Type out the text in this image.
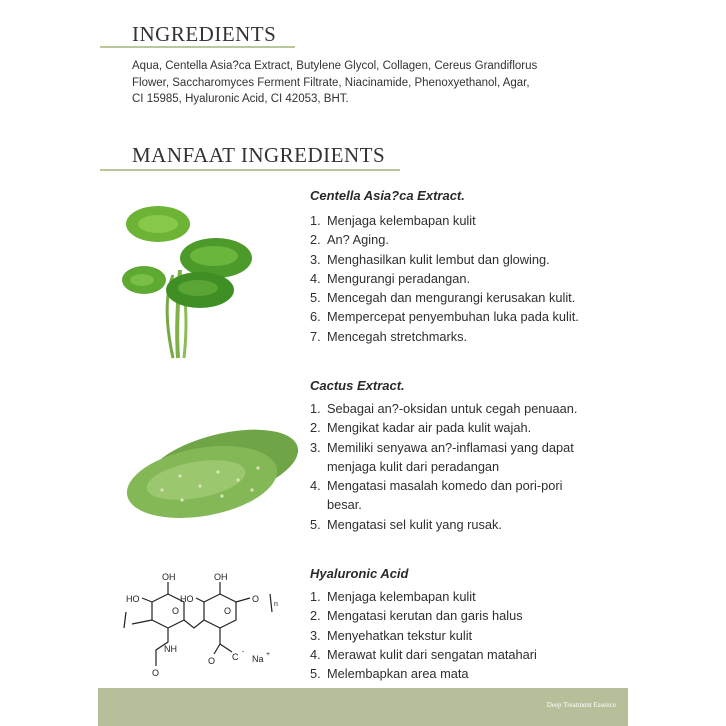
INGREDIENTS
Aqua, Centella Asia?ca Extract, Butylene Glycol, Collagen, Cereus Grandiflorus
Flower, Saccharomyces Ferment Filtrate, Niacinamide, Phenoxyethanol, Agar,
CI 15985, Hyaluronic Acid, CI 42053, BHT.
MANFAAT INGREDIENTS
Centella Asia?ca Extract.
1. Menjaga kelembapan kulit
2. An? Aging.
3. Menghasilkan kulit lembut dan glowing.
4. Mengurangi peradangan.
5. Mencegah dan mengurangi kerusakan kulit.
6. Mempercepat penyembuhan luka pada kulit.
7. Mencegah stretchmarks.
Cactus Extract.
1. Sebagai an?-oksidan untuk cegah penuaan.
2. Mengikat kadar air pada kulit wajah.
3. Memiliki senyawa an?-inflamasi yang dapat
menjaga kulit dari peradangan
4. Mengatasi masalah komedo dan pori-pori
besar.
5. Mengatasi sel kulit yang rusak.
OH	OH
HO	HO
O	O
O
n
NH
O
O C -
Na +
Hyaluronic Acid
1. Menjaga kelembapan kulit
2. Mengatasi kerutan dan garis halus
3. Menyehatkan tekstur kulit
4. Merawat kulit dari sengatan matahari
5. Melembapkan area mata
Deep Treatment Essence
